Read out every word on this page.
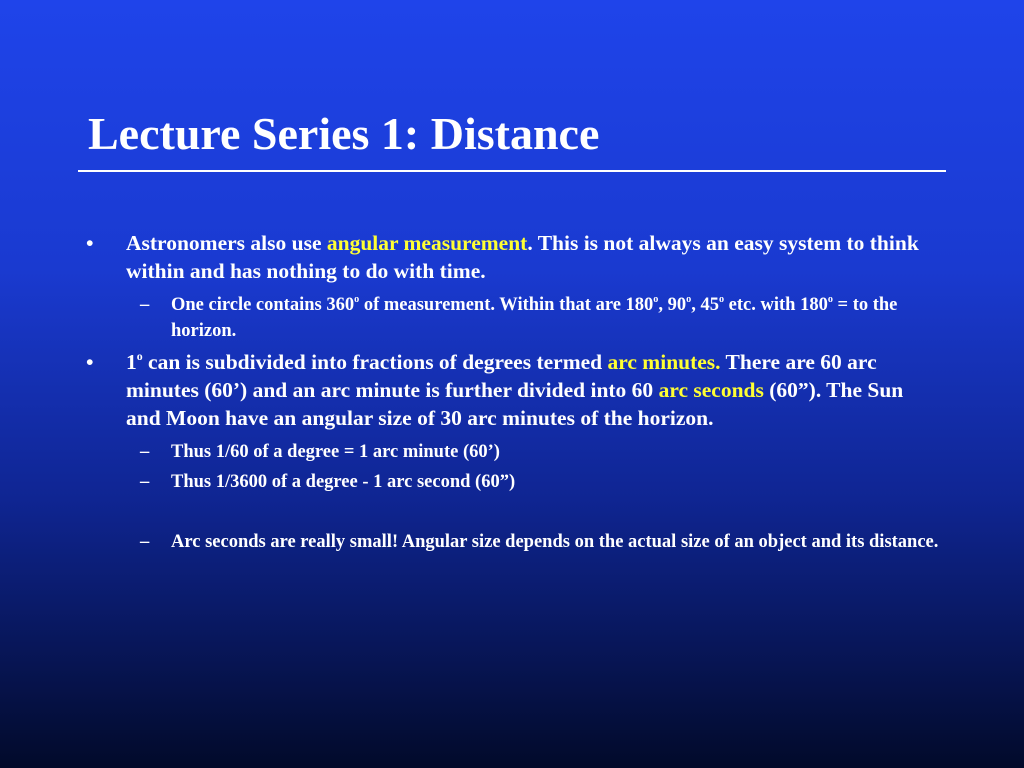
Lecture Series 1: Distance

• Astronomers also use angular measurement. This is not always an easy system to think within and has nothing to do with time.

– One circle contains 360$^o$ of measurement. Within that are 180$^o$, 90$^o$, 45$^o$ etc. with $180^o$ = to the horizon.

• 1$^o$ can is subdivided into fractions of degrees termed arc minutes. There are 60 arc minutes (60’) and an arc minute is further divided into 60 arc seconds (60”). The Sun and Moon have an angular size of 30 arc minutes of the horizon.

– Thus 1/60 of a degree = 1 arc minute (60’)

– Thus 1/3600 of a degree - 1 arc second (60”)

– Arc seconds are really small! Angular size depends on the actual size of an object and its distance.
